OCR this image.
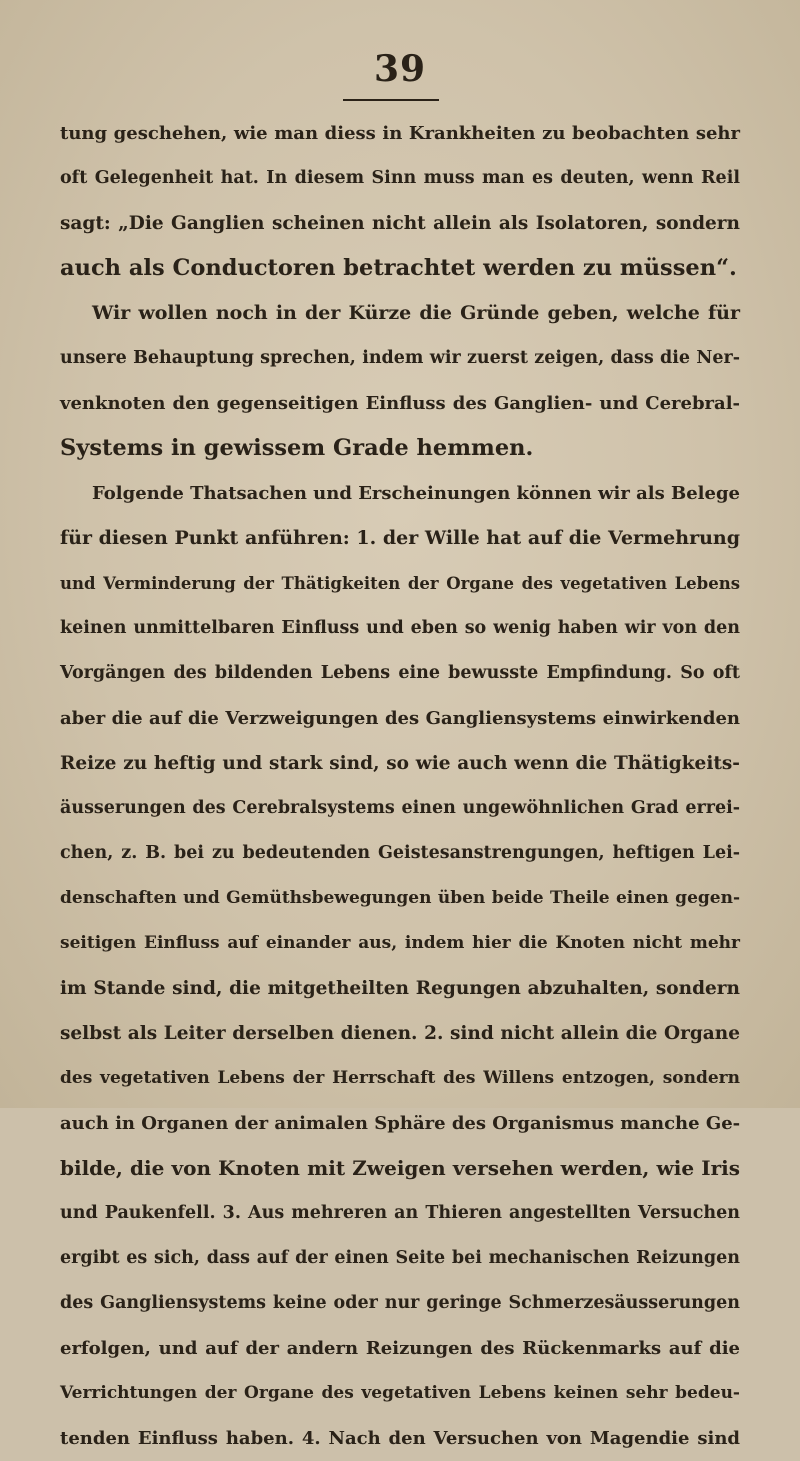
39
tung geschehen, wie man diess in Krankheiten zu beobachten sehr
oft Gelegenheit hat. In diesem Sinn muss man es deuten, wenn Reil
sagt: „Die Ganglien scheinen nicht allein als Isolatoren, sondern
auch als Conductoren betrachtet werden zu müssen“.
Wir wollen noch in der Kürze die Gründe geben, welche für
unsere Behauptung sprechen, indem wir zuerst zeigen, dass die Ner-
venknoten den gegenseitigen Einfluss des Ganglien- und Cerebral-
Systems in gewissem Grade hemmen.
Folgende Thatsachen und Erscheinungen können wir als Belege
für diesen Punkt anführen: 1. der Wille hat auf die Vermehrung
und Verminderung der Thätigkeiten der Organe des vegetativen Lebens
keinen unmittelbaren Einfluss und eben so wenig haben wir von den
Vorgängen des bildenden Lebens eine bewusste Empfindung. So oft
aber die auf die Verzweigungen des Gangliensystems einwirkenden
Reize zu heftig und stark sind, so wie auch wenn die Thätigkeits-
äusserungen des Cerebralsystems einen ungewöhnlichen Grad errei-
chen, z. B. bei zu bedeutenden Geistesanstrengungen, heftigen Lei-
denschaften und Gemüthsbewegungen üben beide Theile einen gegen-
seitigen Einfluss auf einander aus, indem hier die Knoten nicht mehr
im Stande sind, die mitgetheilten Regungen abzuhalten, sondern
selbst als Leiter derselben dienen. 2. sind nicht allein die Organe
des vegetativen Lebens der Herrschaft des Willens entzogen, sondern
auch in Organen der animalen Sphäre des Organismus manche Ge-
bilde, die von Knoten mit Zweigen versehen werden, wie Iris
und Paukenfell. 3. Aus mehreren an Thieren angestellten Versuchen
ergibt es sich, dass auf der einen Seite bei mechanischen Reizungen
des Gangliensystems keine oder nur geringe Schmerzesäusserungen
erfolgen, und auf der andern Reizungen des Rückenmarks auf die
Verrichtungen der Organe des vegetativen Lebens keinen sehr bedeu-
tenden Einfluss haben. 4. Nach den Versuchen von Magendie sind
